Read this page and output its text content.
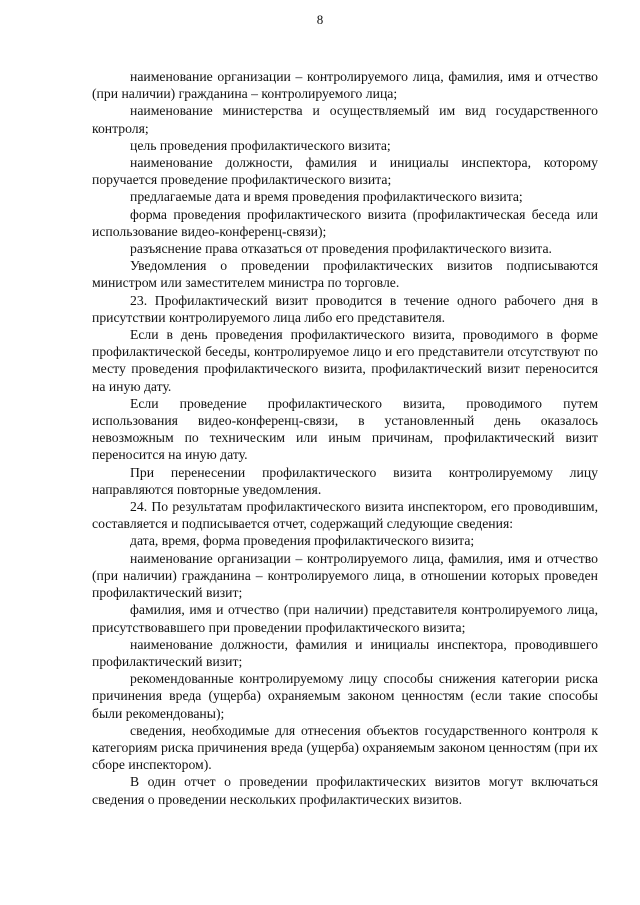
8

наименование организации – контролируемого лица, фамилия, имя и отчество (при наличии) гражданина – контролируемого лица;

наименование министерства и осуществляемый им вид государственного контроля;

цель проведения профилактического визита;

наименование должности, фамилия и инициалы инспектора, которому поручается проведение профилактического визита;

предлагаемые дата и время проведения профилактического визита;

форма проведения профилактического визита (профилактическая беседа или использование видео-конференц-связи);

разъяснение права отказаться от проведения профилактического визита.

Уведомления о проведении профилактических визитов подписываются министром или заместителем министра по торговле.

23. Профилактический визит проводится в течение одного рабочего дня в присутствии контролируемого лица либо его представителя.

Если в день проведения профилактического визита, проводимого в форме профилактической беседы, контролируемое лицо и его представители отсутствуют по месту проведения профилактического визита, профилактический визит переносится на иную дату.

Если проведение профилактического визита, проводимого путем использования видео-конференц-связи, в установленный день оказалось невозможным по техническим или иным причинам, профилактический визит переносится на иную дату.

При перенесении профилактического визита контролируемому лицу направляются повторные уведомления.

24. По результатам профилактического визита инспектором, его проводившим, составляется и подписывается отчет, содержащий следующие сведения:

дата, время, форма проведения профилактического визита;

наименование организации – контролируемого лица, фамилия, имя и отчество (при наличии) гражданина – контролируемого лица, в отношении которых проведен профилактический визит;

фамилия, имя и отчество (при наличии) представителя контролируемого лица, присутствовавшего при проведении профилактического визита;

наименование должности, фамилия и инициалы инспектора, проводившего профилактический визит;

рекомендованные контролируемому лицу способы снижения категории риска причинения вреда (ущерба) охраняемым законом ценностям (если такие способы были рекомендованы);

сведения, необходимые для отнесения объектов государственного контроля к категориям риска причинения вреда (ущерба) охраняемым законом ценностям (при их сборе инспектором).

В один отчет о проведении профилактических визитов могут включаться сведения о проведении нескольких профилактических визитов.
